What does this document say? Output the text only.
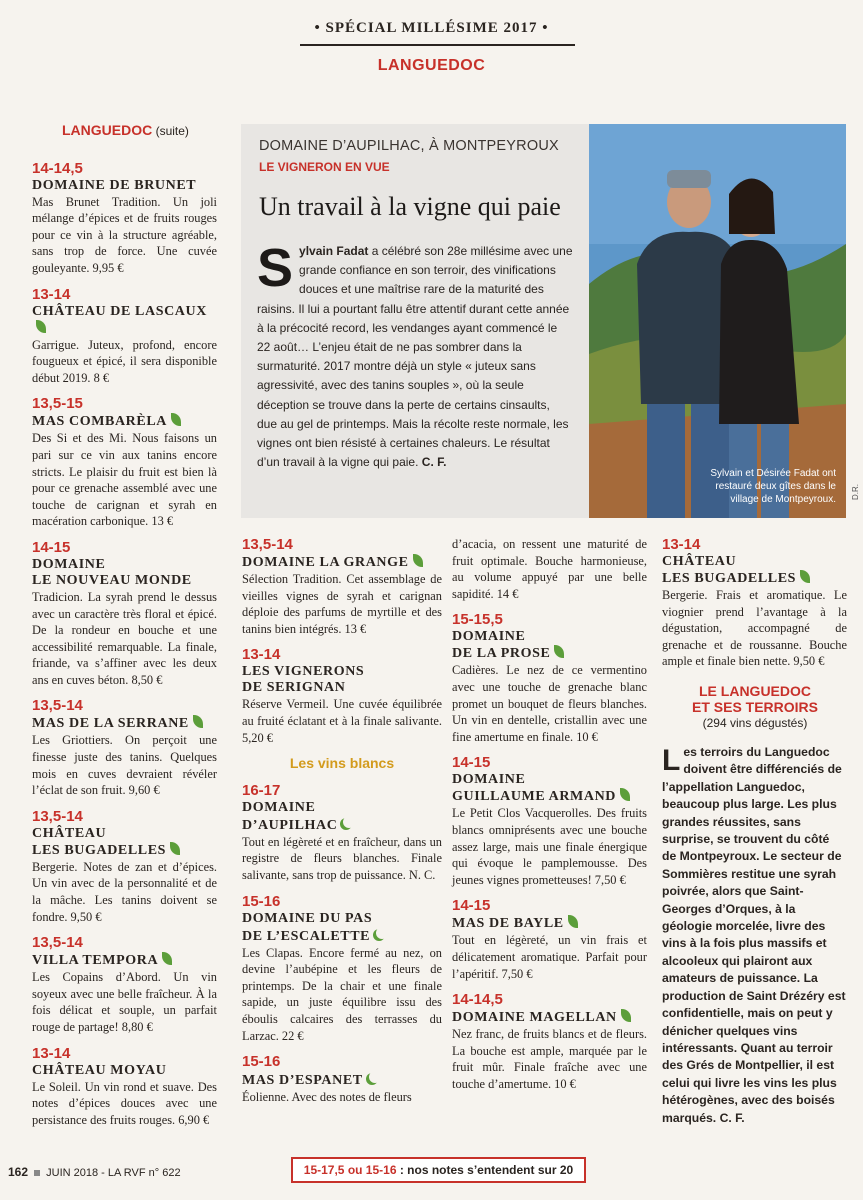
• SPÉCIAL MILLÉSIME 2017 •
LANGUEDOC
LANGUEDOC (suite)
14-14,5
DOMAINE DE BRUNET
Mas Brunet Tradition. Un joli mélange d’épices et de fruits rouges pour ce vin à la structure agréable, sans trop de force. Une cuvée gouleyante. 9,95 €
13-14
CHÂTEAU DE LASCAUX
Garrigue. Juteux, profond, encore fougueux et épicé, il sera disponible début 2019. 8 €
13,5-15
MAS COMBARÈLA
Des Si et des Mi. Nous faisons un pari sur ce vin aux tanins encore stricts. Le plaisir du fruit est bien là pour ce grenache assemblé avec une touche de carignan et syrah en macération carbonique. 13 €
14-15
DOMAINE
LE NOUVEAU MONDE
Tradicion. La syrah prend le dessus avec un caractère très floral et épicé. De la rondeur en bouche et une accessibilité remarquable. La finale, friande, va s’affiner avec les deux ans en cuves béton. 8,50 €
13,5-14
MAS DE LA SERRANE
Les Griottiers. On perçoit une finesse juste des tanins. Quelques mois en cuves devraient révéler l’éclat de son fruit. 9,60 €
13,5-14
CHÂTEAU
LES BUGADELLES
Bergerie. Notes de zan et d’épices. Un vin avec de la personnalité et de la mâche. Les tanins doivent se fondre. 9,50 €
13,5-14
VILLA TEMPORA
Les Copains d’Abord. Un vin soyeux avec une belle fraîcheur. À la fois délicat et souple, un parfait rouge de partage! 8,80 €
13-14
CHÂTEAU MOYAU
Le Soleil. Un vin rond et suave. Des notes d’épices douces avec une persistance des fruits rouges. 6,90 €
DOMAINE D’AUPILHAC, À MONTPEYROUX
LE VIGNERON EN VUE
Un travail à la vigne qui paie
Sylvain Fadat a célébré son 28e millésime avec une grande confiance en son terroir, des vinifications douces et une maîtrise rare de la maturité des raisins. Il lui a pourtant fallu être attentif durant cette année à la précocité record, les vendanges ayant commencé le 22 août… L’enjeu était de ne pas sombrer dans la surmaturité. 2017 montre déjà un style « juteux sans agressivité, avec des tanins souples », où la seule déception se trouve dans la perte de certains cinsaults, due au gel de printemps. Mais la récolte reste normale, les vignes ont bien résisté à certaines chaleurs. Le résultat d’un travail à la vigne qui paie. C. F.
Sylvain et Désirée Fadat ont restauré deux gîtes dans le village de Montpeyroux. D.R.
13,5-14
DOMAINE LA GRANGE
Sélection Tradition. Cet assemblage de vieilles vignes de syrah et carignan déploie des parfums de myrtille et des tanins bien intégrés. 13 €
13-14
LES VIGNERONS
DE SERIGNAN
Réserve Vermeil. Une cuvée équilibrée au fruité éclatant et à la finale salivante. 5,20 €
Les vins blancs
16-17
DOMAINE
D’AUPILHAC
Tout en légèreté et en fraîcheur, dans un registre de fleurs blanches. Finale salivante, sans trop de puissance. N. C.
15-16
DOMAINE DU PAS
DE L’ESCALETTE
Les Clapas. Encore fermé au nez, on devine l’aubépine et les fleurs de printemps. De la chair et une finale sapide, un juste équilibre issu des éboulis calcaires des terrasses du Larzac. 22 €
15-16
MAS D’ESPANET
Éolienne. Avec des notes de fleurs
d’acacia, on ressent une maturité de fruit optimale. Bouche harmonieuse, au volume appuyé par une belle sapidité. 14 €
15-15,5
DOMAINE
DE LA PROSE
Cadières. Le nez de ce vermentino avec une touche de grenache blanc promet un bouquet de fleurs blanches. Un vin en dentelle, cristallin avec une fine amertume en finale. 10 €
14-15
DOMAINE
GUILLAUME ARMAND
Le Petit Clos Vacquerolles. Des fruits blancs omniprésents avec une bouche assez large, mais une finale énergique qui évoque le pamplemousse. Des jeunes vignes prometteuses! 7,50 €
14-15
MAS DE BAYLE
Tout en légèreté, un vin frais et délicatement aromatique. Parfait pour l’apéritif. 7,50 €
14-14,5
DOMAINE MAGELLAN
Nez franc, de fruits blancs et de fleurs. La bouche est ample, marquée par le fruit mûr. Finale fraîche avec une touche d’amertume. 10 €
13-14
CHÂTEAU
LES BUGADELLES
Bergerie. Frais et aromatique. Le viognier prend l’avantage à la dégustation, accompagné de grenache et de roussanne. Bouche ample et finale bien nette. 9,50 €
LE LANGUEDOC
ET SES TERROIRS
(294 vins dégustés)
Les terroirs du Languedoc doivent être différenciés de l’appellation Languedoc, beaucoup plus large. Les plus grandes réussites, sans surprise, se trouvent du côté de Montpeyroux. Le secteur de Sommières restitue une syrah poivrée, alors que Saint-Georges d’Orques, à la géologie morcelée, livre des vins à la fois plus massifs et alcooleux qui plairont aux amateurs de puissance. La production de Saint Drézéry est confidentielle, mais on peut y dénicher quelques vins intéressants. Quant au terroir des Grés de Montpellier, il est celui qui livre les vins les plus hétérogènes, avec des boisés marqués. C. F.
162 JUIN 2018 - LA RVF n° 622	15-17,5 ou 15-16 : nos notes s’entendent sur 20
